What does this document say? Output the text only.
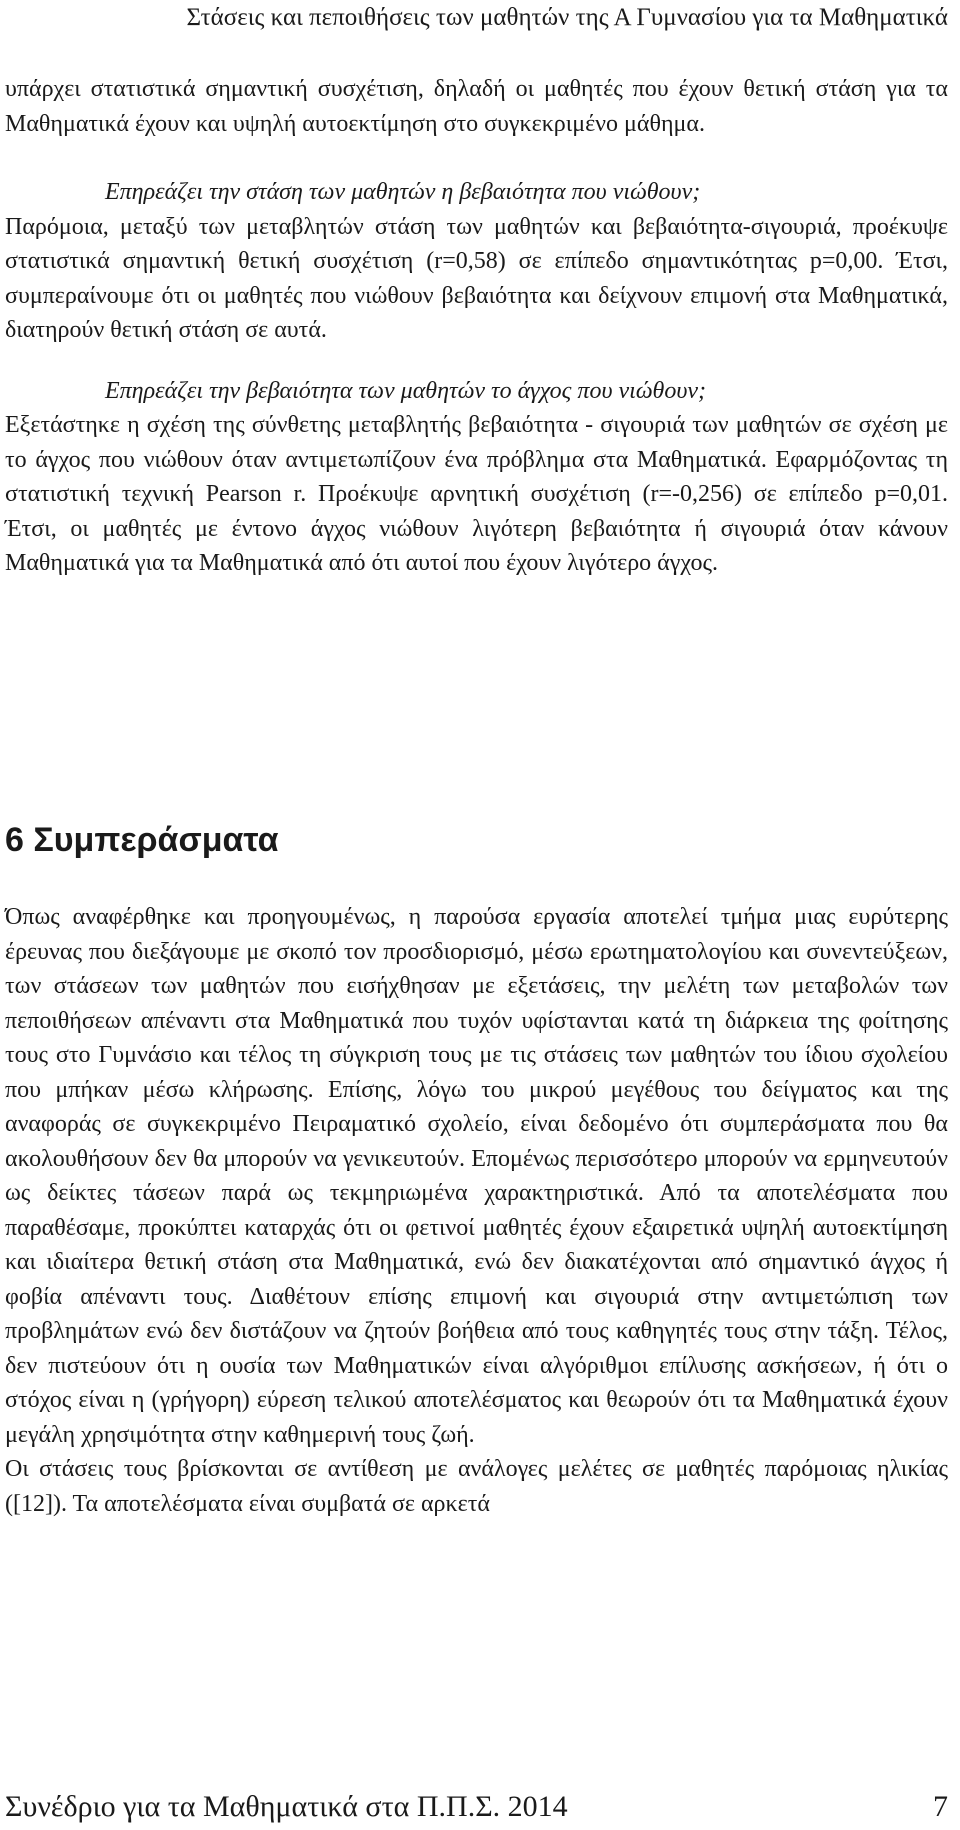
Στάσεις και πεποιθήσεις των μαθητών της Α Γυμνασίου για τα Μαθηματικά

υπάρχει στατιστικά σημαντική συσχέτιση, δηλαδή οι μαθητές που έχουν θετική στάση για τα Μαθηματικά έχουν και υψηλή αυτοεκτίμηση στο συγκεκριμένο μάθημα.

Επηρεάζει την στάση των μαθητών η βεβαιότητα που νιώθουν;

Παρόμοια, μεταξύ των μεταβλητών στάση των μαθητών και βεβαιότητα-σιγουριά, προέκυψε στατιστικά σημαντική θετική συσχέτιση (r=0,58) σε επίπεδο σημαντικότητας p=0,00. Έτσι, συμπεραίνουμε ότι οι μαθητές που νιώθουν βεβαιότητα και δείχνουν επιμονή στα Μαθηματικά, διατηρούν θετική στάση σε αυτά.

Επηρεάζει την βεβαιότητα των μαθητών το άγχος που νιώθουν;

Εξετάστηκε η σχέση της σύνθετης μεταβλητής βεβαιότητα - σιγουριά των μαθητών σε σχέση με το άγχος που νιώθουν όταν αντιμετωπίζουν ένα πρόβλημα στα Μαθηματικά. Εφαρμόζοντας τη στατιστική τεχνική Pearson r. Προέκυψε αρνητική συσχέτιση (r=-0,256) σε επίπεδο p=0,01. Έτσι, οι μαθητές με έντονο άγχος νιώθουν λιγότερη βεβαιότητα ή σιγουριά όταν κάνουν Μαθηματικά για τα Μαθηματικά από ότι αυτοί που έχουν λιγότερο άγχος.

6 Συμπεράσματα

Όπως αναφέρθηκε και προηγουμένως, η παρούσα εργασία αποτελεί τμήμα μιας ευρύτερης έρευνας που διεξάγουμε με σκοπό τον προσδιορισμό, μέσω ερωτηματολογίου και συνεντεύξεων, των στάσεων των μαθητών που εισήχθησαν με εξετάσεις, την μελέτη των μεταβολών των πεποιθήσεων απέναντι στα Μαθηματικά που τυχόν υφίστανται κατά τη διάρκεια της φοίτησης τους στο Γυμνάσιο και τέλος τη σύγκριση τους με τις στάσεις των μαθητών του ίδιου σχολείου που μπήκαν μέσω κλήρωσης. Επίσης, λόγω του μικρού μεγέθους του δείγματος και της αναφοράς σε συγκεκριμένο Πειραματικό σχολείο, είναι δεδομένο ότι συμπεράσματα που θα ακολουθήσουν δεν θα μπορούν να γενικευτούν. Επομένως περισσότερο μπορούν να ερμηνευτούν ως δείκτες τάσεων παρά ως τεκμηριωμένα χαρακτηριστικά. Από τα αποτελέσματα που παραθέσαμε, προκύπτει καταρχάς ότι οι φετινοί μαθητές έχουν εξαιρετικά υψηλή αυτοεκτίμηση και ιδιαίτερα θετική στάση στα Μαθηματικά, ενώ δεν διακατέχονται από σημαντικό άγχος ή φοβία απέναντι τους. Διαθέτουν επίσης επιμονή και σιγουριά στην αντιμετώπιση των προβλημάτων ενώ δεν διστάζουν να ζητούν βοήθεια από τους καθηγητές τους στην τάξη. Τέλος, δεν πιστεύουν ότι η ουσία των Μαθηματικών είναι αλγόριθμοι επίλυσης ασκήσεων, ή ότι ο στόχος είναι η (γρήγορη) εύρεση τελικού αποτελέσματος και θεωρούν ότι τα Μαθηματικά έχουν μεγάλη χρησιμότητα στην καθημερινή τους ζωή.

Οι στάσεις τους βρίσκονται σε αντίθεση με ανάλογες μελέτες σε μαθητές παρόμοιας ηλικίας ([12]). Τα αποτελέσματα είναι συμβατά σε αρκετά

Συνέδριο για τα Μαθηματικά στα Π.Π.Σ. 2014	7
